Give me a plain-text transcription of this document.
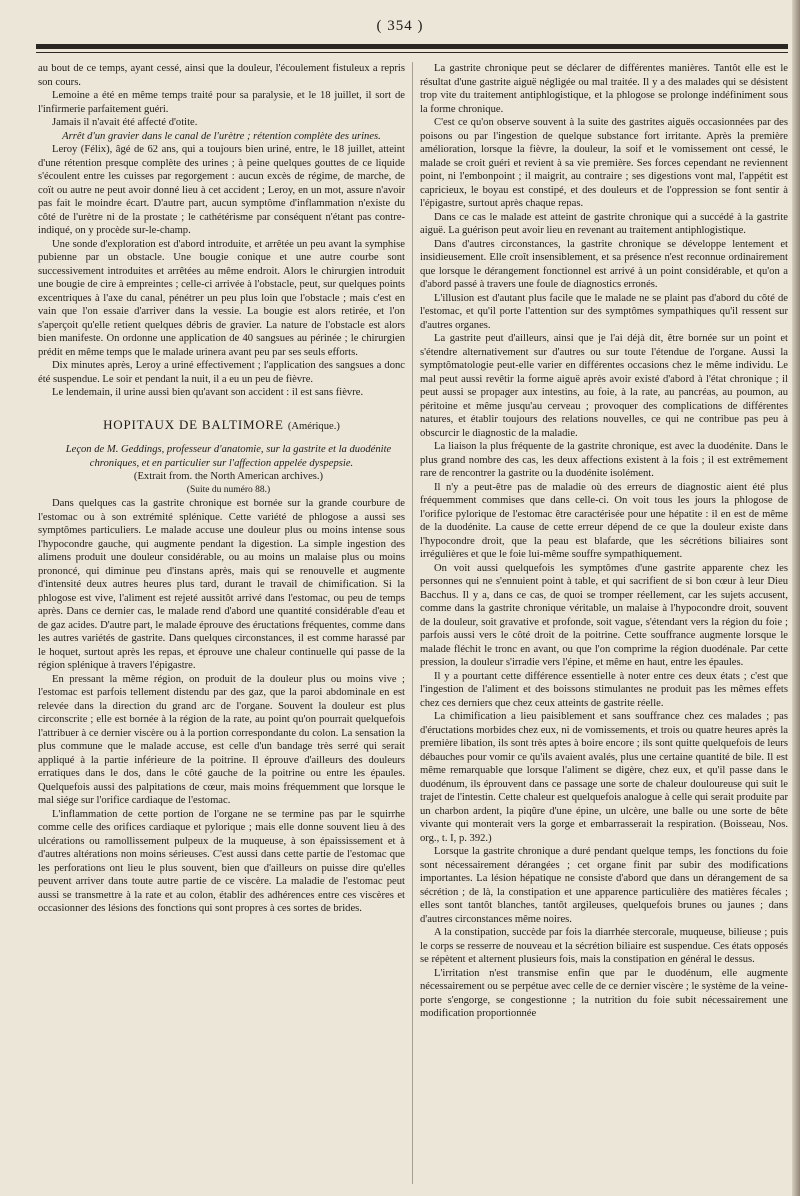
( 354 )

au bout de ce temps, ayant cessé, ainsi que la douleur, l'écoulement fistuleux a repris son cours.

Lemoine a été en même temps traité pour sa paralysie, et le 18 juillet, il sort de l'infirmerie parfaitement guéri.

Jamais il n'avait été affecté d'otite.

Arrêt d'un gravier dans le canal de l'urètre ; rétention complète des urines.

Leroy (Félix), âgé de 62 ans, qui a toujours bien uriné, entre, le 18 juillet, atteint d'une rétention presque complète des urines ; à peine quelques gouttes de ce liquide s'écoulent entre les cuisses par regorgement : aucun excès de régime, de marche, de coït ou autre ne peut avoir donné lieu à cet accident ; Leroy, en un mot, assure n'avoir pas fait le moindre écart. D'autre part, aucun symptôme d'inflammation n'existe du côté de l'urètre ni de la prostate ; le cathétérisme par conséquent n'étant pas contre-indiqué, on y procède sur-le-champ.

Une sonde d'exploration est d'abord introduite, et arrêtée un peu avant la symphise pubienne par un obstacle. Une bougie conique et une autre courbe sont successivement introduites et arrêtées au même endroit. Alors le chirurgien introduit une bougie de cire à empreintes ; celle-ci arrivée à l'obstacle, peut, sur quelques points excentriques à l'axe du canal, pénétrer un peu plus loin que l'obstacle ; mais c'est en vain que l'on essaie d'arriver dans la vessie. La bougie est alors retirée, et l'on s'aperçoit qu'elle retient quelques débris de gravier. La nature de l'obstacle est alors bien manifeste. On ordonne une application de 40 sangsues au périnée ; le chirurgien prédit en même temps que le malade urinera avant peu par ses seuls efforts.

Dix minutes après, Leroy a uriné effectivement ; l'application des sangsues a donc été suspendue. Le soir et pendant la nuit, il a eu un peu de fièvre.

Le lendemain, il urine aussi bien qu'avant son accident : il est sans fièvre.

HOPITAUX DE BALTIMORE (Amérique.)

Leçon de M. Geddings, professeur d'anatomie, sur la gastrite et la duodénite chroniques, et en particulier sur l'affection appelée dyspepsie.

(Extrait from. the North American archives.)

(Suite du numéro 88.)

Dans quelques cas la gastrite chronique est bornée sur la grande courbure de l'estomac ou à son extrémité splénique. Cette variété de phlogose a aussi ses symptômes particuliers. Le malade accuse une douleur plus ou moins intense sous l'hypocondre gauche, qui augmente pendant la digestion. La simple ingestion des alimens produit une douleur considérable, ou au moins un malaise plus ou moins prononcé, qui diminue peu d'instans après, mais qui se renouvelle et augmente d'intensité deux autres heures plus tard, durant le travail de chimification. Si la phlogose est vive, l'aliment est rejeté aussitôt arrivé dans l'estomac, ou peu de temps après. Dans ce dernier cas, le malade rend d'abord une quantité considérable d'eau et de gaz acides. D'autre part, le malade éprouve des éructations fréquentes, comme dans les autres variétés de gastrite. Dans quelques circonstances, il est comme harassé par le hoquet, surtout après les repas, et éprouve une chaleur continuelle qui passe de la région splénique à travers l'épigastre.

En pressant la même région, on produit de la douleur plus ou moins vive ; l'estomac est parfois tellement distendu par des gaz, que la paroi abdominale en est relevée dans la direction du grand arc de l'organe. Souvent la douleur est plus circonscrite ; elle est bornée à la région de la rate, au point qu'on pourrait quelquefois l'attribuer à ce dernier viscère ou à la portion correspondante du colon. La sensation la plus commune que le malade accuse, est celle d'un bandage très serré qui serait appliqué à la partie inférieure de la poitrine. Il éprouve d'ailleurs des douleurs erratiques dans le dos, dans le côté gauche de la poitrine ou entre les épaules. Quelquefois aussi des palpitations de cœur, mais moins fréquemment que lorsque le mal siége sur l'orifice cardiaque de l'estomac.

L'inflammation de cette portion de l'organe ne se termine pas par le squirrhe comme celle des orifices cardiaque et pylorique ; mais elle donne souvent lieu à des ulcérations ou ramollissement pulpeux de la muqueuse, à son épaississement et à d'autres altérations non moins sérieuses. C'est aussi dans cette partie de l'estomac que les perforations ont lieu le plus souvent, bien que d'ailleurs on puisse dire qu'elles peuvent arriver dans toute autre partie de ce viscère. La maladie de l'estomac peut aussi se transmettre à la rate et au colon, établir des adhérences entre ces viscères et occasionner des lésions des fonctions qui sont propres à ces sortes de brides.

La gastrite chronique peut se déclarer de différentes manières. Tantôt elle est le résultat d'une gastrite aiguë négligée ou mal traitée. Il y a des malades qui se désistent trop vite du traitement antiphlogistique, et la phlogose se prolonge indéfiniment sous la forme chronique.

C'est ce qu'on observe souvent à la suite des gastrites aiguës occasionnées par des poisons ou par l'ingestion de quelque substance fort irritante. Après la première amélioration, lorsque la fièvre, la douleur, la soif et le vomissement ont cessé, le malade se croit guéri et revient à sa vie première. Ses forces cependant ne reviennent point, ni l'embonpoint ; il maigrit, au contraire ; ses digestions vont mal, l'appétit est capricieux, le boyau est constipé, et des douleurs et de l'oppression se font sentir à l'épigastre, surtout après chaque repas.

Dans ce cas le malade est atteint de gastrite chronique qui a succédé à la gastrite aiguë. La guérison peut avoir lieu en revenant au traitement antiphlogistique.

Dans d'autres circonstances, la gastrite chronique se développe lentement et insidieusement. Elle croît insensiblement, et sa présence n'est reconnue ordinairement que lorsque le dérangement fonctionnel est arrivé à un point considérable, et qu'on a d'abord passé à travers une foule de diagnostics erronés.

L'illusion est d'autant plus facile que le malade ne se plaint pas d'abord du côté de l'estomac, et qu'il porte l'attention sur des symptômes sympathiques qu'il ressent sur d'autres organes.

La gastrite peut d'ailleurs, ainsi que je l'ai déjà dit, être bornée sur un point et s'étendre alternativement sur d'autres ou sur toute l'étendue de l'organe. Aussi la symptômatologie peut-elle varier en différentes occasions chez le même individu. Le mal peut aussi revêtir la forme aiguë après avoir existé d'abord à l'état chronique ; il peut aussi se propager aux intestins, au foie, à la rate, au pancréas, au poumon, au péritoine et même jusqu'au cerveau ; provoquer des complications de différentes natures, et établir toujours des relations nouvelles, ce qui ne contribue pas peu à obscurcir le diagnostic de la maladie.

La liaison la plus fréquente de la gastrite chronique, est avec la duodénite. Dans le plus grand nombre des cas, les deux affections existent à la fois ; il est extrêmement rare de rencontrer la gastrite ou la duodénite isolément.

Il n'y a peut-être pas de maladie où des erreurs de diagnostic aient été plus fréquemment commises que dans celle-ci. On voit tous les jours la phlogose de l'orifice pylorique de l'estomac être caractérisée pour une hépatite : il en est de même de la duodénite. La cause de cette erreur dépend de ce que la douleur existe dans l'hypocondre droit, que la peau est blafarde, que les sécrétions biliaires sont irrégulières et que le foie lui-même souffre sympathiquement.

On voit aussi quelquefois les symptômes d'une gastrite apparente chez les personnes qui ne s'ennuient point à table, et qui sacrifient de si bon cœur à leur Dieu Bacchus. Il y a, dans ce cas, de quoi se tromper réellement, car les sujets accusent, comme dans la gastrite chronique véritable, un malaise à l'hypocondre droit, souvent de la douleur, soit gravative et profonde, soit vague, s'étendant vers la région du foie ; parfois aussi vers le côté droit de la poitrine. Cette souffrance augmente lorsque le malade fléchit le tronc en avant, ou que l'on comprime la région duodénale. Par cette pression, la douleur s'irradie vers l'épine, et même en haut, entre les épaules.

Il y a pourtant cette différence essentielle à noter entre ces deux états ; c'est que l'ingestion de l'aliment et des boissons stimulantes ne produit pas les mêmes effets chez ces derniers que chez ceux atteints de gastrite réelle.

La chimification a lieu paisiblement et sans souffrance chez ces malades ; pas d'éructations morbides chez eux, ni de vomissements, et trois ou quatre heures après la première libation, ils sont très aptes à boire encore ; ils sont quitte quelquefois de leurs débauches pour vomir ce qu'ils avaient avalés, plus une certaine quantité de bile. Il est même remarquable que lorsque l'aliment se digère, chez eux, et qu'il passe dans le duodénum, ils éprouvent dans ce passage une sorte de chaleur douloureuse qui suit le trajet de l'intestin. Cette chaleur est quelquefois analogue à celle qui serait produite par un charbon ardent, la piqûre d'une épine, un ulcère, une balle ou une sorte de bête vivante qui monterait vers la gorge et embarrasserait la respiration. (Boisseau, Nos. org., t. I, p. 392.)

Lorsque la gastrite chronique a duré pendant quelque temps, les fonctions du foie sont nécessairement dérangées ; cet organe finit par subir des modifications importantes. La lésion hépatique ne consiste d'abord que dans un dérangement de sa sécrétion ; de là, la constipation et une apparence particulière des matières fécales ; elles sont tantôt blanches, tantôt argileuses, quelquefois brunes ou jaunes ; dans d'autres circonstances même noires.

A la constipation, succède par fois la diarrhée stercorale, muqueuse, bilieuse ; puis le corps se resserre de nouveau et la sécrétion biliaire est suspendue. Ces états opposés se répètent et alternent plusieurs fois, mais la constipation en général le dessus.

L'irritation n'est transmise enfin que par le duodénum, elle augmente nécessairement ou se perpétue avec celle de ce dernier viscère ; le système de la veine-porte s'engorge, se congestionne ; la nutrition du foie subit nécessairement une modification proportionnée
